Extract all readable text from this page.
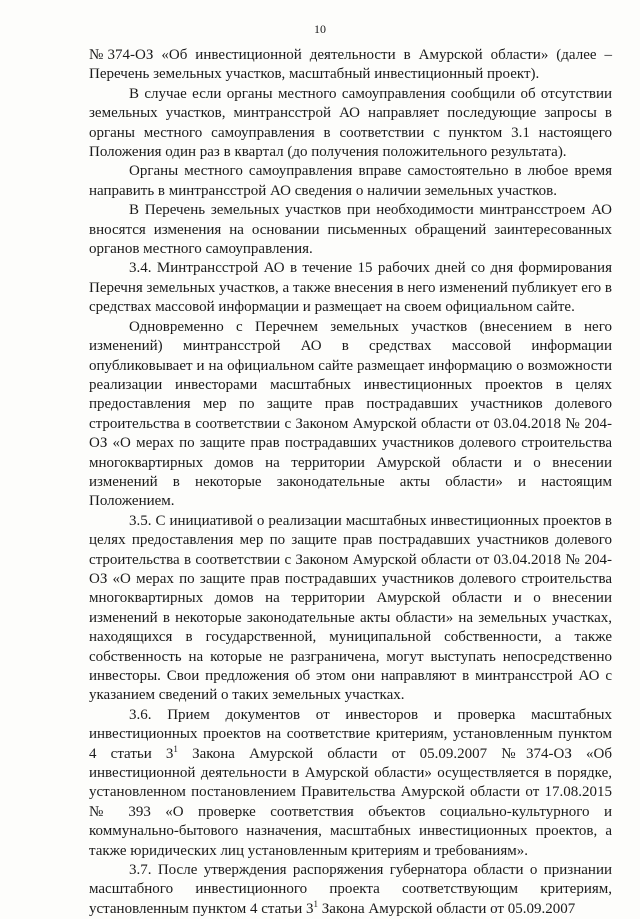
10

№374-ОЗ «Об инвестиционной деятельности в Амурской области» (далее – Перечень земельных участков, масштабный инвестиционный проект).

В случае если органы местного самоуправления сообщили об отсутствии земельных участков, минтрансстрой АО направляет последующие запросы в органы местного самоуправления в соответствии с пунктом 3.1 настоящего Положения один раз в квартал (до получения положительного результата).

Органы местного самоуправления вправе самостоятельно в любое время направить в минтрансстрой АО сведения о наличии земельных участков.

В Перечень земельных участков при необходимости минтрансстроем АО вносятся изменения на основании письменных обращений заинтересованных органов местного самоуправления.

3.4. Минтрансстрой АО в течение 15 рабочих дней со дня формирования Перечня земельных участков, а также внесения в него изменений публикует его в средствах массовой информации и размещает на своем официальном сайте.

Одновременно с Перечнем земельных участков (внесением в него изменений) минтрансстрой АО в средствах массовой информации опубликовывает и на официальном сайте размещает информацию о возможности реализации инвесторами масштабных инвестиционных проектов в целях предоставления мер по защите прав пострадавших участников долевого строительства в соответствии с Законом Амурской области от 03.04.2018 № 204-ОЗ «О мерах по защите прав пострадавших участников долевого строительства многоквартирных домов на территории Амурской области и о внесении изменений в некоторые законодательные акты области» и настоящим Положением.

3.5. С инициативой о реализации масштабных инвестиционных проектов в целях предоставления мер по защите прав пострадавших участников долевого строительства в соответствии с Законом Амурской области от 03.04.2018 № 204-ОЗ «О мерах по защите прав пострадавших участников долевого строительства многоквартирных домов на территории Амурской области и о внесении изменений в некоторые законодательные акты области» на земельных участках, находящихся в государственной, муниципальной собственности, а также собственность на которые не разграничена, могут выступать непосредственно инвесторы. Свои предложения об этом они направляют в минтрансстрой АО с указанием сведений о таких земельных участках.

3.6. Прием документов от инвесторов и проверка масштабных инвестиционных проектов на соответствие критериям, установленным пунктом 4 статьи $3^1$ Закона Амурской области от 05.09.2007 №374-ОЗ «Об инвестиционной деятельности в Амурской области» осуществляется в порядке, установленном постановлением Правительства Амурской области от 17.08.2015 № 393 «О проверке соответствия объектов социально-культурного и коммунально-бытового назначения, масштабных инвестиционных проектов, а также юридических лиц установленным критериям и требованиям».

3.7. После утверждения распоряжения губернатора области о признании масштабного инвестиционного проекта соответствующим критериям, установленным пунктом 4 статьи $3^1$ Закона Амурской области от 05.09.2007
